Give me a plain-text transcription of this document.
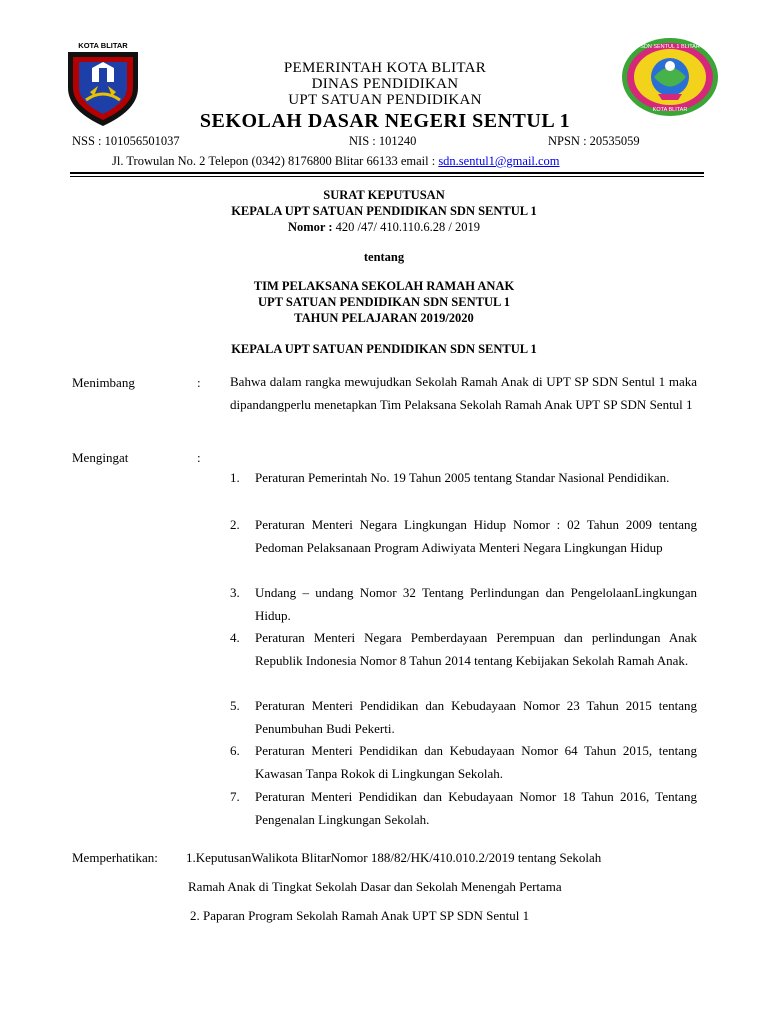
KOTA BLITAR	SDN SENTUL 1 BLITAR
KOTA BLITAR
PEMERINTAH KOTA BLITAR
DINAS PENDIDIKAN
UPT SATUAN PENDIDIKAN
SEKOLAH DASAR NEGERI SENTUL 1
NSS : 101056501037	NIS : 101240	NPSN : 20535059
Jl. Trowulan No. 2 Telepon (0342) 8176800 Blitar 66133 email : sdn.sentul1@gmail.com
SURAT KEPUTUSAN
KEPALA UPT SATUAN PENDIDIKAN SDN SENTUL 1
Nomor : 420 /47/ 410.110.6.28 / 2019
tentang
TIM PELAKSANA SEKOLAH RAMAH ANAK
UPT SATUAN PENDIDIKAN SDN SENTUL 1
TAHUN PELAJARAN 2019/2020
KEPALA UPT SATUAN PENDIDIKAN SDN SENTUL 1
Menimbang	: Bahwa dalam rangka mewujudkan Sekolah Ramah Anak di UPT SP SDN Sentul 1 maka dipandangperlu menetapkan Tim Pelaksana Sekolah Ramah Anak UPT SP SDN Sentul 1
Mengingat	:
1.	Peraturan Pemerintah No. 19 Tahun 2005 tentang Standar Nasional Pendidikan.
2.	Peraturan Menteri Negara Lingkungan Hidup Nomor : 02 Tahun 2009 tentang Pedoman Pelaksanaan Program Adiwiyata Menteri Negara Lingkungan Hidup
3.	Undang – undang Nomor 32 Tentang Perlindungan dan PengelolaanLingkungan Hidup.
4.	Peraturan Menteri Negara Pemberdayaan Perempuan dan perlindungan Anak Republik Indonesia Nomor 8 Tahun 2014 tentang Kebijakan Sekolah Ramah Anak.
5.	Peraturan Menteri Pendidikan dan Kebudayaan Nomor 23 Tahun 2015 tentang Penumbuhan Budi Pekerti.
6.	Peraturan Menteri Pendidikan dan Kebudayaan Nomor 64 Tahun 2015, tentang Kawasan Tanpa Rokok di Lingkungan Sekolah.
7.	Peraturan Menteri Pendidikan dan Kebudayaan Nomor 18 Tahun 2016, Tentang Pengenalan Lingkungan Sekolah.
Memperhatikan: 1.KeputusanWalikota BlitarNomor 188/82/HK/410.010.2/2019 tentang Sekolah
Ramah Anak di Tingkat Sekolah Dasar dan Sekolah Menengah Pertama
2. Paparan Program Sekolah Ramah Anak UPT SP SDN Sentul 1
